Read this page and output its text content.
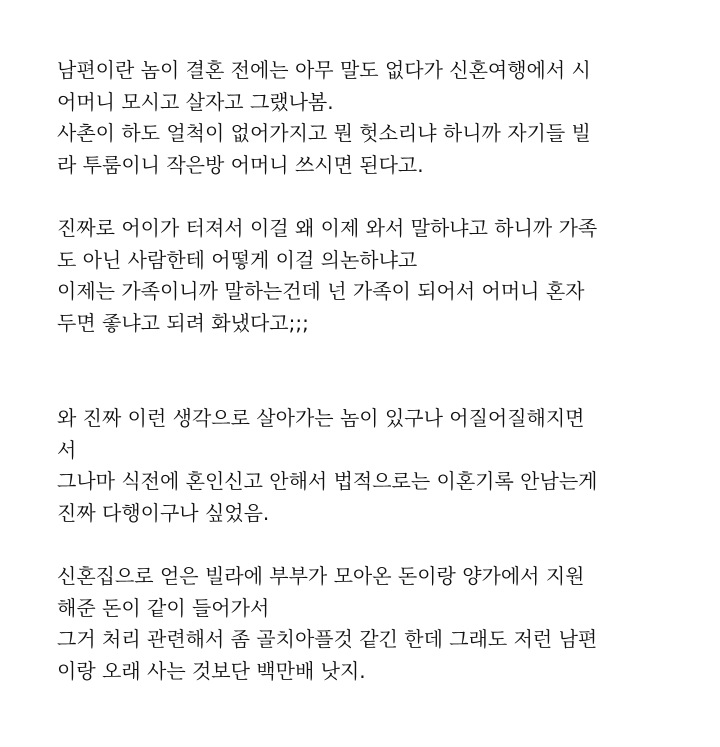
남편이란 놈이 결혼 전에는 아무 말도 없다가 신혼여행에서 시
어머니 모시고 살자고 그랬나봄.
사촌이 하도 얼척이 없어가지고 뭔 헛소리냐 하니까 자기들 빌
라 투룸이니 작은방 어머니 쓰시면 된다고.

진짜로 어이가 터져서 이걸 왜 이제 와서 말하냐고 하니까 가족
도 아닌 사람한테 어떻게 이걸 의논하냐고
이제는 가족이니까 말하는건데 넌 가족이 되어서 어머니 혼자
두면 좋냐고 되려 화냈다고;;;

와 진짜 이런 생각으로 살아가는 놈이 있구나 어질어질해지면
서
그나마 식전에 혼인신고 안해서 법적으로는 이혼기록 안남는게
진짜 다행이구나 싶었음.

신혼집으로 얻은 빌라에 부부가 모아온 돈이랑 양가에서 지원
해준 돈이 같이 들어가서
그거 처리 관련해서 좀 골치아플것 같긴 한데 그래도 저런 남편
이랑 오래 사는 것보단 백만배 낫지.
